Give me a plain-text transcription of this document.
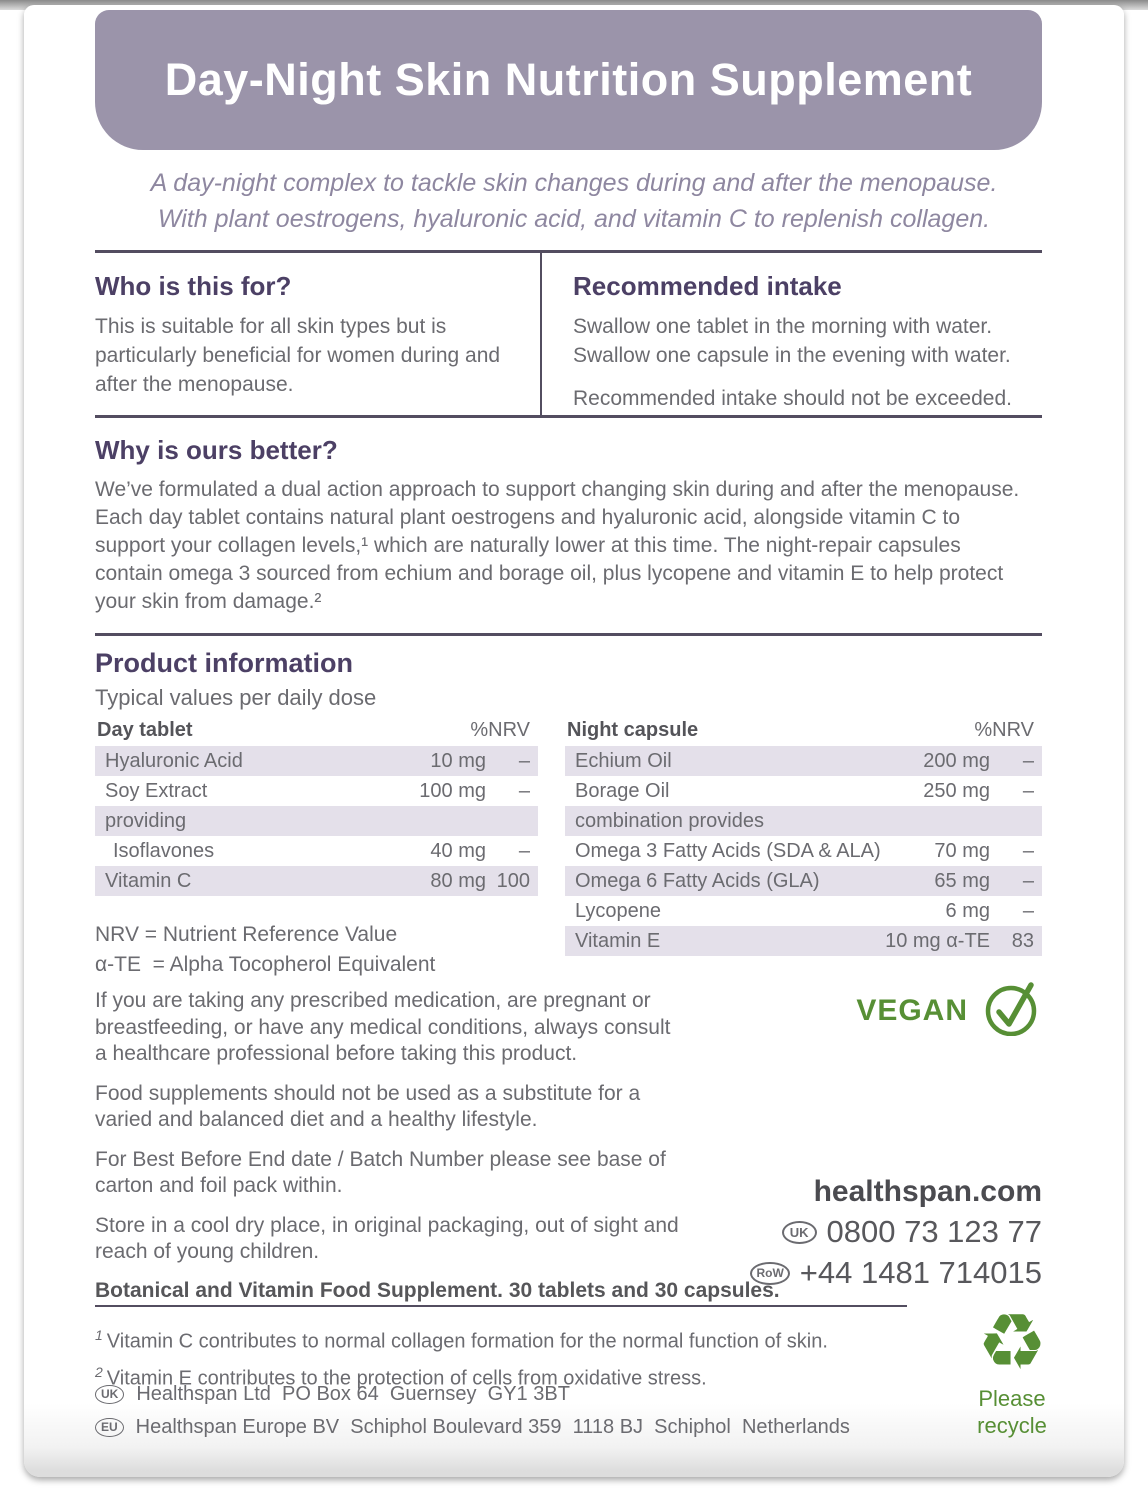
Day-Night Skin Nutrition Supplement
A day-night complex to tackle skin changes during and after the menopause.
With plant oestrogens, hyaluronic acid, and vitamin C to replenish collagen.
Who is this for?
This is suitable for all skin types but is particularly beneficial for women during and after the menopause.
Recommended intake
Swallow one tablet in the morning with water.
Swallow one capsule in the evening with water.
Recommended intake should not be exceeded.
Why is ours better?
We’ve formulated a dual action approach to support changing skin during and after the menopause. Each day tablet contains natural plant oestrogens and hyaluronic acid, alongside vitamin C to support your collagen levels,¹ which are naturally lower at this time. The night-repair capsules contain omega 3 sourced from echium and borage oil, plus lycopene and vitamin E to help protect your skin from damage.²
Product information
Typical values per daily dose
Day tablet	%NRV
Hyaluronic Acid	10 mg	–
Soy Extract	100 mg	–
providing
Isoflavones	40 mg	–
Vitamin C	80 mg 100
Night capsule	%NRV
Echium Oil	200 mg	–
Borage Oil	250 mg	–
combination provides
Omega 3 Fatty Acids (SDA & ALA)	70 mg	–
Omega 6 Fatty Acids (GLA)	65 mg	–
Lycopene	6 mg	–
Vitamin E	10 mg α-TE	83
NRV = Nutrient Reference Value
α-TE  = Alpha Tocopherol Equivalent
VEGAN

If you are taking any prescribed medication, are pregnant or breastfeeding, or have any medical conditions, always consult a healthcare professional before taking this product.

Food supplements should not be used as a substitute for a varied and balanced diet and a healthy lifestyle.

For Best Before End date / Batch Number please see base of carton and foil pack within.

Store in a cool dry place, in original packaging, out of sight and reach of young children.

Botanical and Vitamin Food Supplement. 30 tablets and 30 capsules.
healthspan.com
UK 0800 73 123 77
RoW +44 1481 714015
$^1$ Vitamin C contributes to normal collagen formation for the normal function of skin.
$^2$ Vitamin E contributes to the protection of cells from oxidative stress.
UK Healthspan Ltd  PO Box 64  Guernsey  GY1 3BT
EU Healthspan Europe BV  Schiphol Boulevard 359  1118 BJ  Schiphol  Netherlands
♻
Please
recycle
